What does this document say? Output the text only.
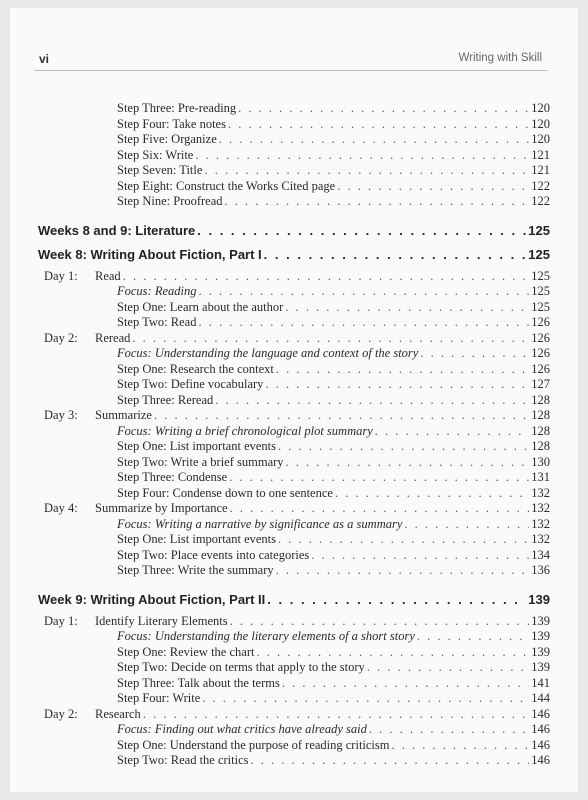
vi	Writing with Skill
Step Three: Pre-reading . . .	120
Step Four: Take notes . . .	120
Step Five: Organize . . .	120
Step Six: Write . . .	121
Step Seven: Title . . .	121
Step Eight: Construct the Works Cited page . . .	122
Step Nine: Proofread . . .	122
Weeks 8 and 9: Literature . . .	125
Week 8: Writing About Fiction, Part I . . .	125
Day 1: Read . . .	125
Focus: Reading . . .	125
Step One: Learn about the author . . .	125
Step Two: Read . . .	126
Day 2: Reread . . .	126
Focus: Understanding the language and context of the story . . .	126
Step One: Research the context . . .	126
Step Two: Define vocabulary . . .	127
Step Three: Reread . . .	128
Day 3: Summarize . . .	128
Focus: Writing a brief chronological plot summary . . .	128
Step One: List important events . . .	128
Step Two: Write a brief summary . . .	130
Step Three: Condense . . .	131
Step Four: Condense down to one sentence . . .	132
Day 4: Summarize by Importance . . .	132
Focus: Writing a narrative by significance as a summary . . .	132
Step One: List important events . . .	132
Step Two: Place events into categories . . .	134
Step Three: Write the summary . . .	136
Week 9: Writing About Fiction, Part II . . .	139
Day 1: Identify Literary Elements . . .	139
Focus: Understanding the literary elements of a short story . . .	139
Step One: Review the chart . . .	139
Step Two: Decide on terms that apply to the story . . .	139
Step Three: Talk about the terms . . .	141
Step Four: Write . . .	144
Day 2: Research . . .	146
Focus: Finding out what critics have already said . . .	146
Step One: Understand the purpose of reading criticism . . .	146
Step Two: Read the critics . . .	146
